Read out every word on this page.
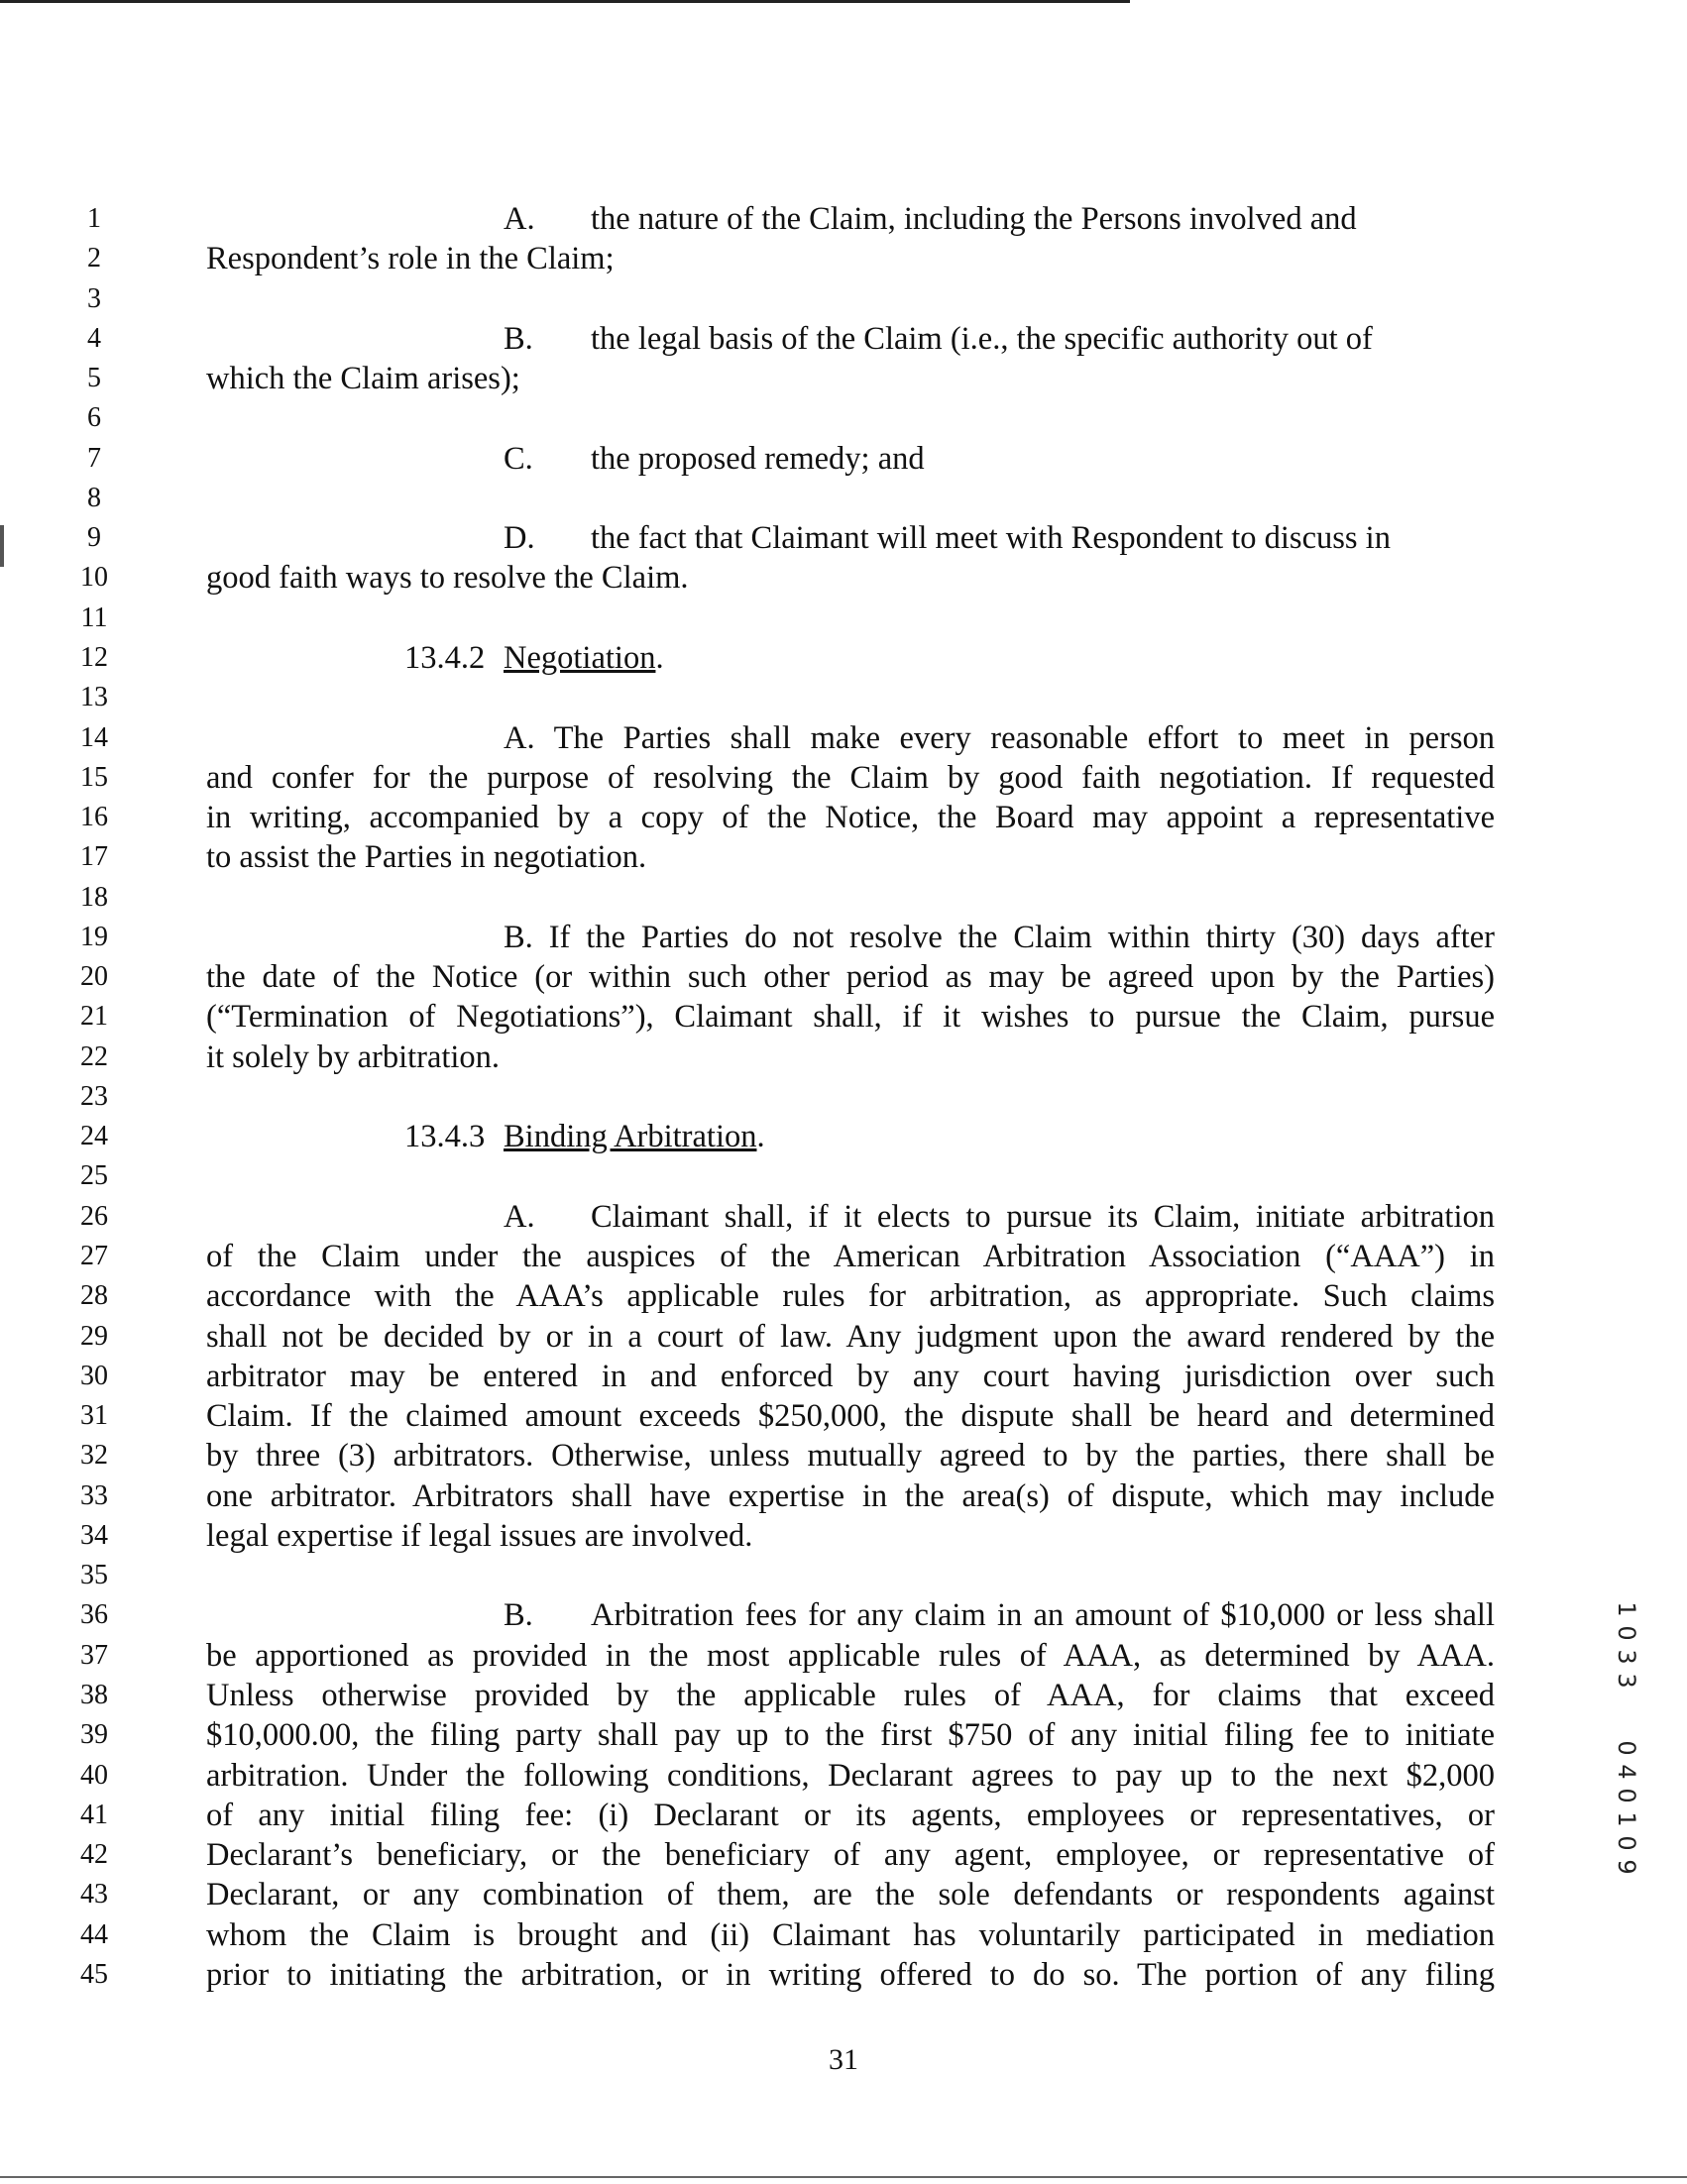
1	A. the nature of the Claim, including the Persons involved and
2	Respondent’s role in the Claim;
3
4	B. the legal basis of the Claim (i.e., the specific authority out of
5	which the Claim arises);
6
7	C. the proposed remedy; and
8
9	D. the fact that Claimant will meet with Respondent to discuss in
10	good faith ways to resolve the Claim.
11
12	13.4.2 Negotiation.
13
14	A. The Parties shall make every reasonable effort to meet in person
15	and confer for the purpose of resolving the Claim by good faith negotiation. If requested
16	in writing, accompanied by a copy of the Notice, the Board may appoint a representative
17	to assist the Parties in negotiation.
18
19	B. If the Parties do not resolve the Claim within thirty (30) days after
20	the date of the Notice (or within such other period as may be agreed upon by the Parties)
21	(“Termination of Negotiations”), Claimant shall, if it wishes to pursue the Claim, pursue
22	it solely by arbitration.
23
24	13.4.3 Binding Arbitration.
25
26	A. Claimant shall, if it elects to pursue its Claim, initiate arbitration
27	of the Claim under the auspices of the American Arbitration Association (“AAA”) in
28	accordance with the AAA’s applicable rules for arbitration, as appropriate. Such claims
29	shall not be decided by or in a court of law. Any judgment upon the award rendered by the
30	arbitrator may be entered in and enforced by any court having jurisdiction over such
31	Claim. If the claimed amount exceeds $250,000, the dispute shall be heard and determined
32	by three (3) arbitrators. Otherwise, unless mutually agreed to by the parties, there shall be
33	one arbitrator. Arbitrators shall have expertise in the area(s) of dispute, which may include
34	legal expertise if legal issues are involved.
35
36	B. Arbitration fees for any claim in an amount of $10,000 or less shall
37	be apportioned as provided in the most applicable rules of AAA, as determined by AAA.
38	Unless otherwise provided by the applicable rules of AAA, for claims that exceed
39	$10,000.00, the filing party shall pay up to the first $750 of any initial filing fee to initiate
40	arbitration. Under the following conditions, Declarant agrees to pay up to the next $2,000
41	of any initial filing fee: (i) Declarant or its agents, employees or representatives, or
42	Declarant’s beneficiary, or the beneficiary of any agent, employee, or representative of
43	Declarant, or any combination of them, are the sole defendants or respondents against
44	whom the Claim is brought and (ii) Claimant has voluntarily participated in mediation
45	prior to initiating the arbitration, or in writing offered to do so. The portion of any filing
31
1
0
3
3
0
4
0
1
0
9
